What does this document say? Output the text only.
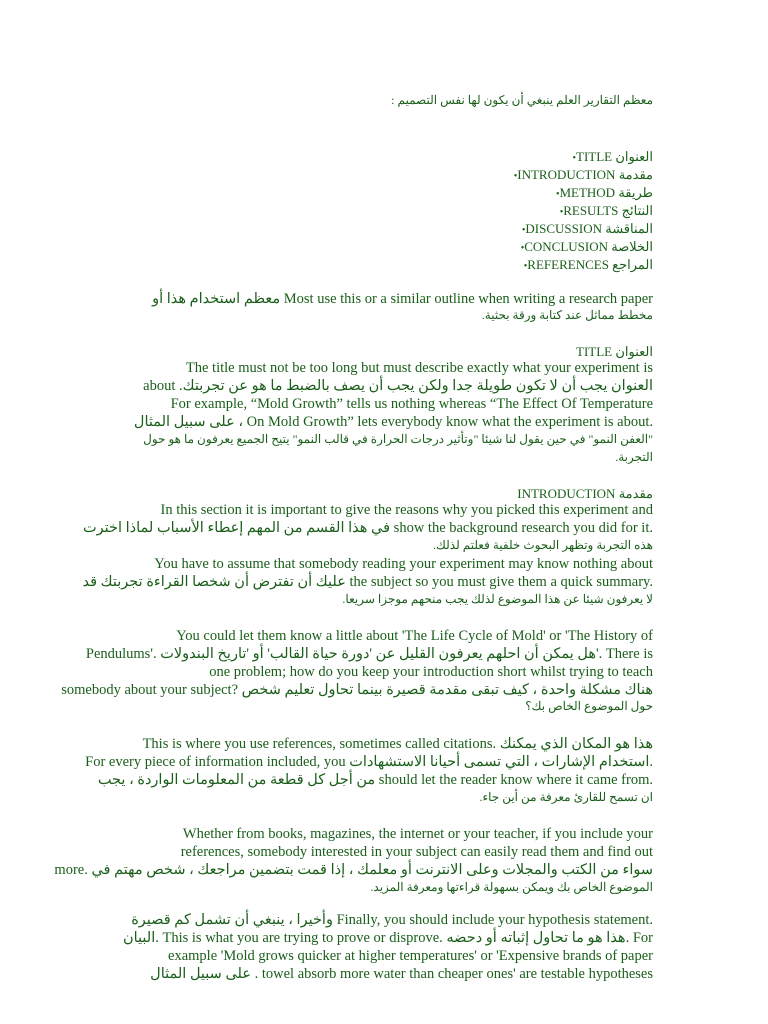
معظم التقارير العلم ينبغي أن يكون لها نفس التصميم :

العنوان TITLE •

مقدمة INTRODUCTION •

طريقة METHOD •

النتائج RESULTS •

المناقشة DISCUSSION •

الخلاصة CONCLUSION •

المراجع REFERENCES •

معظم استخدام هذا أو Most use this or a similar outline when writing a research paper

مخطط مماثل عند كتابة ورقة بحثية.

العنوان TITLE

The title must not be too long but must describe exactly what your experiment is

about .العنوان يجب أن لا تكون طويلة جدا ولكن يجب أن يصف بالضبط ما هو عن تجربتك

For example, “Mold Growth” tells us nothing whereas “The Effect Of Temperature

على سبيل المثال ، On Mold Growth” lets everybody know what the experiment is about.

"العفن النمو" في حين يقول لنا شيئا "وتأثير درجات الحرارة في قالب النمو" يتيح الجميع يعرفون ما هو حول

التجربة.

مقدمة INTRODUCTION

In this section it is important to give the reasons why you picked this experiment and

في هذا القسم من المهم إعطاء الأسباب لماذا اخترت show the background research you did for it.

هذه التجربة وتظهر البحوث خلفية فعلتم لذلك.

You have to assume that somebody reading your experiment may know nothing about

عليك أن تفترض أن شخصا القراءة تجربتك قد the subject so you must give them a quick summary.

لا يعرفون شيئا عن هذا الموضوع لذلك يجب منحهم موجزا سريعا.

You could let them know a little about 'The Life Cycle of Mold' or 'The History of

Pendulums'. هل يمكن أن احلهم يعرفون القليل عن 'دورة حياة القالب' أو 'تاريخ البندولات'. There is

one problem; how do you keep your introduction short whilst trying to teach

somebody about your subject? هناك مشكلة واحدة ، كيف تبقى مقدمة قصيرة بينما تحاول تعليم شخص

حول الموضوع الخاص بك؟

This is where you use references, sometimes called citations. هذا هو المكان الذي يمكنك

For every piece of information included, you استخدام الإشارات ، التي تسمى أحيانا الاستشهادات.

من أجل كل قطعة من المعلومات الواردة ، يجب should let the reader know where it came from.

ان تسمح للقارئ معرفة من أين جاء.

Whether from books, magazines, the internet or your teacher, if you include your

references, somebody interested in your subject can easily read them and find out

more. سواء من الكتب والمجلات وعلى الانترنت أو معلمك ، إذا قمت بتضمين مراجعك ، شخص مهتم في

الموضوع الخاص بك ويمكن بسهولة قراءتها ومعرفة المزيد.

وأخيرا ، ينبغي أن تشمل كم قصيرة Finally, you should include your hypothesis statement.

البيان. This is what you are trying to prove or disprove. هذا هو ما تحاول إثباته أو دحضه. For

example 'Mold grows quicker at higher temperatures' or 'Expensive brands of paper

على سبيل المثال . towel absorb more water than cheaper ones' are testable hypotheses
